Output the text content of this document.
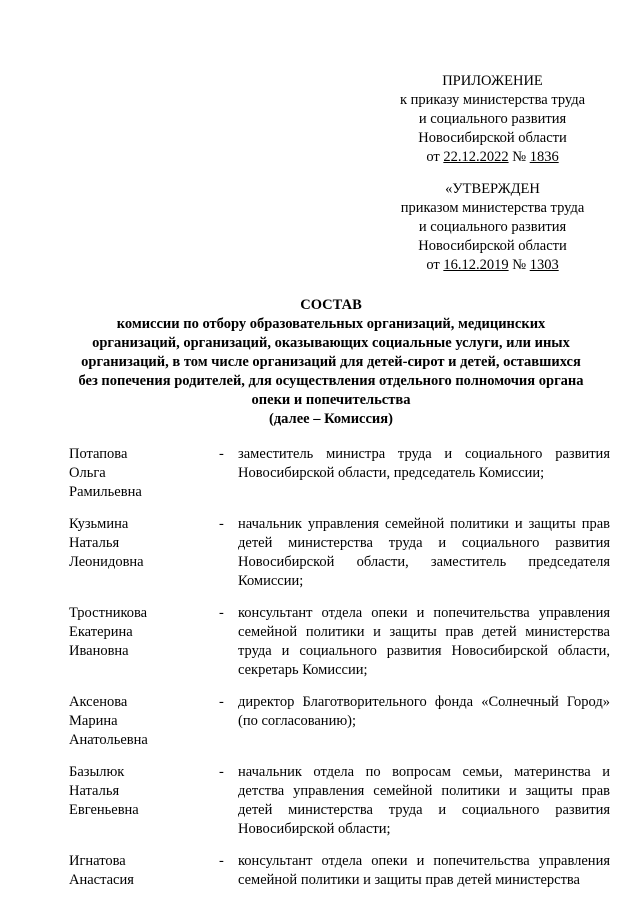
ПРИЛОЖЕНИЕ
к приказу министерства труда
и социального развития
Новосибирской области
от 22.12.2022 № 1836
«УТВЕРЖДЕН
приказом министерства труда
и социального развития
Новосибирской области
от 16.12.2019 № 1303
СОСТАВ
комиссии по отбору образовательных организаций, медицинских
организаций, организаций, оказывающих социальные услуги, или иных
организаций, в том числе организаций для детей-сирот и детей, оставшихся
без попечения родителей, для осуществления отдельного полномочия органа
опеки и попечительства
(далее – Комиссия)
Потапова
Ольга
Рамильевна
- заместитель министра труда и социального развития Новосибирской области, председатель Комиссии;
Кузьмина
Наталья
Леонидовна
- начальник управления семейной политики и защиты прав детей министерства труда и социального развития Новосибирской области, заместитель председателя Комиссии;
Тростникова
Екатерина
Ивановна
- консультант отдела опеки и попечительства управления семейной политики и защиты прав детей министерства труда и социального развития Новосибирской области, секретарь Комиссии;
Аксенова
Марина
Анатольевна
- директор Благотворительного фонда «Солнечный Город» (по согласованию);
Базылюк
Наталья
Евгеньевна
- начальник отдела по вопросам семьи, материнства и детства управления семейной политики и защиты прав детей министерства труда и социального развития Новосибирской области;
Игнатова
Анастасия
- консультант отдела опеки и попечительства управления семейной политики и защиты прав детей министерства
